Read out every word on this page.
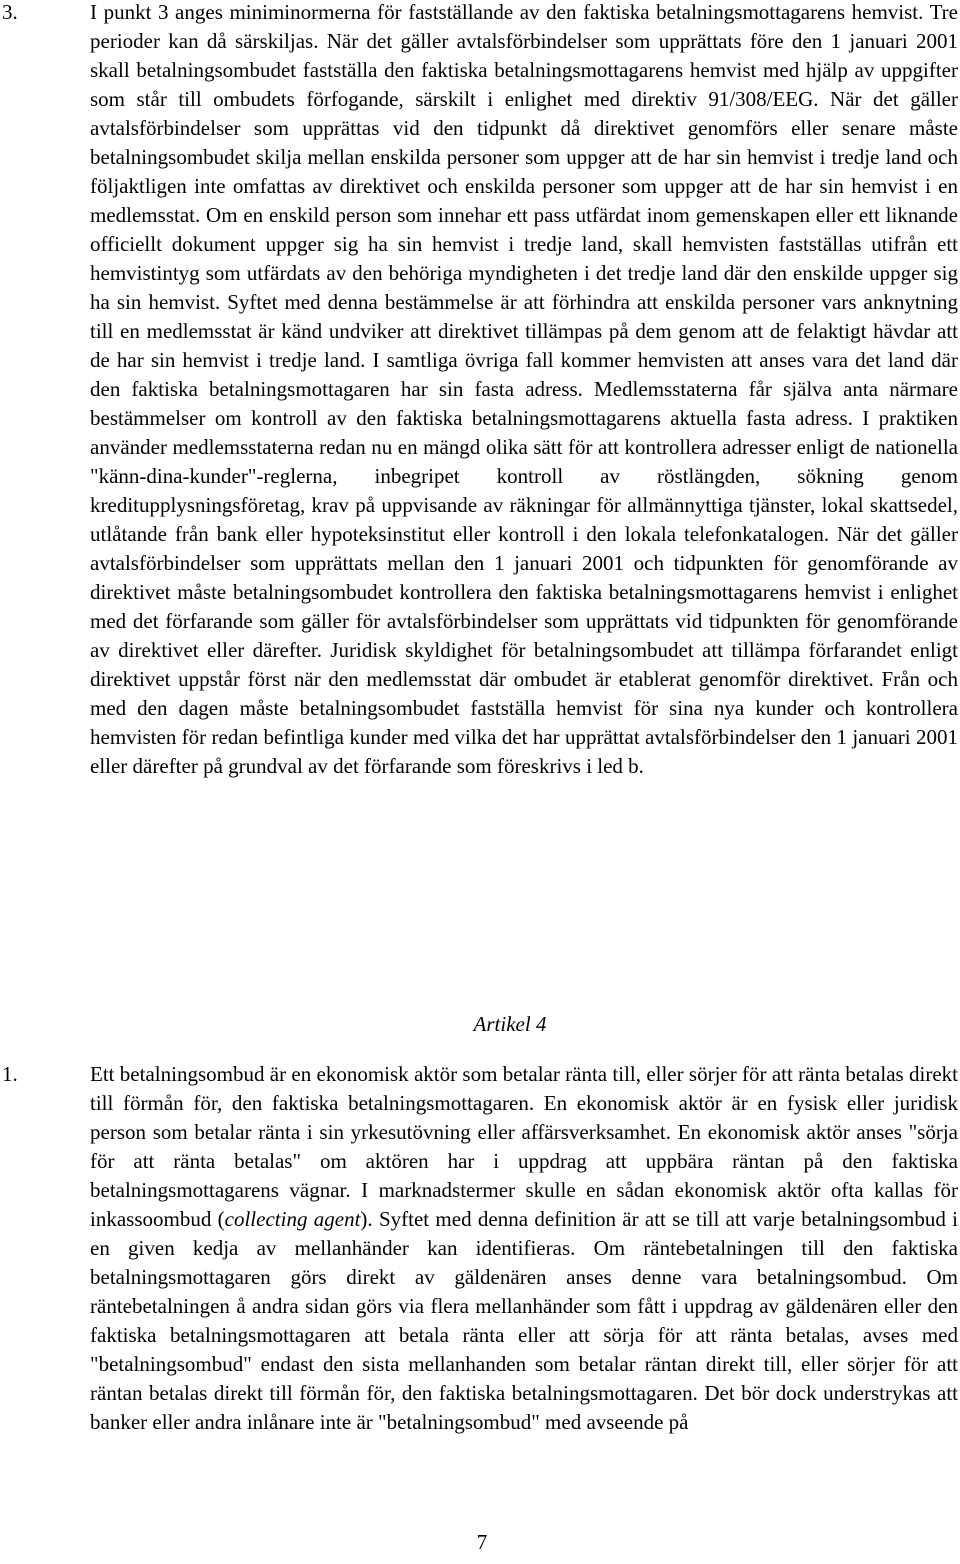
3.	I punkt 3 anges miniminormerna för fastställande av den faktiska betalningsmottagarens hemvist. Tre perioder kan då särskiljas. När det gäller avtalsförbindelser som upprättats före den 1 januari 2001 skall betalningsombudet fastställa den faktiska betalningsmottagarens hemvist med hjälp av uppgifter som står till ombudets förfogande, särskilt i enlighet med direktiv 91/308/EEG. När det gäller avtalsförbindelser som upprättas vid den tidpunkt då direktivet genomförs eller senare måste betalningsombudet skilja mellan enskilda personer som uppger att de har sin hemvist i tredje land och följaktligen inte omfattas av direktivet och enskilda personer som uppger att de har sin hemvist i en medlemsstat. Om en enskild person som innehar ett pass utfärdat inom gemenskapen eller ett liknande officiellt dokument uppger sig ha sin hemvist i tredje land, skall hemvisten fastställas utifrån ett hemvistintyg som utfärdats av den behöriga myndigheten i det tredje land där den enskilde uppger sig ha sin hemvist. Syftet med denna bestämmelse är att förhindra att enskilda personer vars anknytning till en medlemsstat är känd undviker att direktivet tillämpas på dem genom att de felaktigt hävdar att de har sin hemvist i tredje land. I samtliga övriga fall kommer hemvisten att anses vara det land där den faktiska betalningsmottagaren har sin fasta adress. Medlemsstaterna får själva anta närmare bestämmelser om kontroll av den faktiska betalningsmottagarens aktuella fasta adress. I praktiken använder medlemsstaterna redan nu en mängd olika sätt för att kontrollera adresser enligt de nationella "känn-dina-kunder"-reglerna, inbegripet kontroll av röstlängden, sökning genom kreditupplysningsföretag, krav på uppvisande av räkningar för allmännyttiga tjänster, lokal skattsedel, utlåtande från bank eller hypoteksinstitut eller kontroll i den lokala telefonkatalogen. När det gäller avtalsförbindelser som upprättats mellan den 1 januari 2001 och tidpunkten för genomförande av direktivet måste betalningsombudet kontrollera den faktiska betalningsmottagarens hemvist i enlighet med det förfarande som gäller för avtalsförbindelser som upprättats vid tidpunkten för genomförande av direktivet eller därefter. Juridisk skyldighet för betalningsombudet att tillämpa förfarandet enligt direktivet uppstår först när den medlemsstat där ombudet är etablerat genomför direktivet. Från och med den dagen måste betalningsombudet fastställa hemvist för sina nya kunder och kontrollera hemvisten för redan befintliga kunder med vilka det har upprättat avtalsförbindelser den 1 januari 2001 eller därefter på grundval av det förfarande som föreskrivs i led b.

Artikel 4
1.	Ett betalningsombud är en ekonomisk aktör som betalar ränta till, eller sörjer för att ränta betalas direkt till förmån för, den faktiska betalningsmottagaren. En ekonomisk aktör är en fysisk eller juridisk person som betalar ränta i sin yrkesutövning eller affärsverksamhet. En ekonomisk aktör anses "sörja för att ränta betalas" om aktören har i uppdrag att uppbära räntan på den faktiska betalningsmottagarens vägnar. I marknadstermer skulle en sådan ekonomisk aktör ofta kallas för inkassoombud (collecting agent). Syftet med denna definition är att se till att varje betalningsombud i en given kedja av mellanhänder kan identifieras. Om räntebetalningen till den faktiska betalningsmottagaren görs direkt av gäldenären anses denne vara betalningsombud. Om räntebetalningen å andra sidan görs via flera mellanhänder som fått i uppdrag av gäldenären eller den faktiska betalningsmottagaren att betala ränta eller att sörja för att ränta betalas, avses med "betalningsombud" endast den sista mellanhanden som betalar räntan direkt till, eller sörjer för att räntan betalas direkt till förmån för, den faktiska betalningsmottagaren. Det bör dock understrykas att banker eller andra inlånare inte är "betalningsombud" med avseende på

7
